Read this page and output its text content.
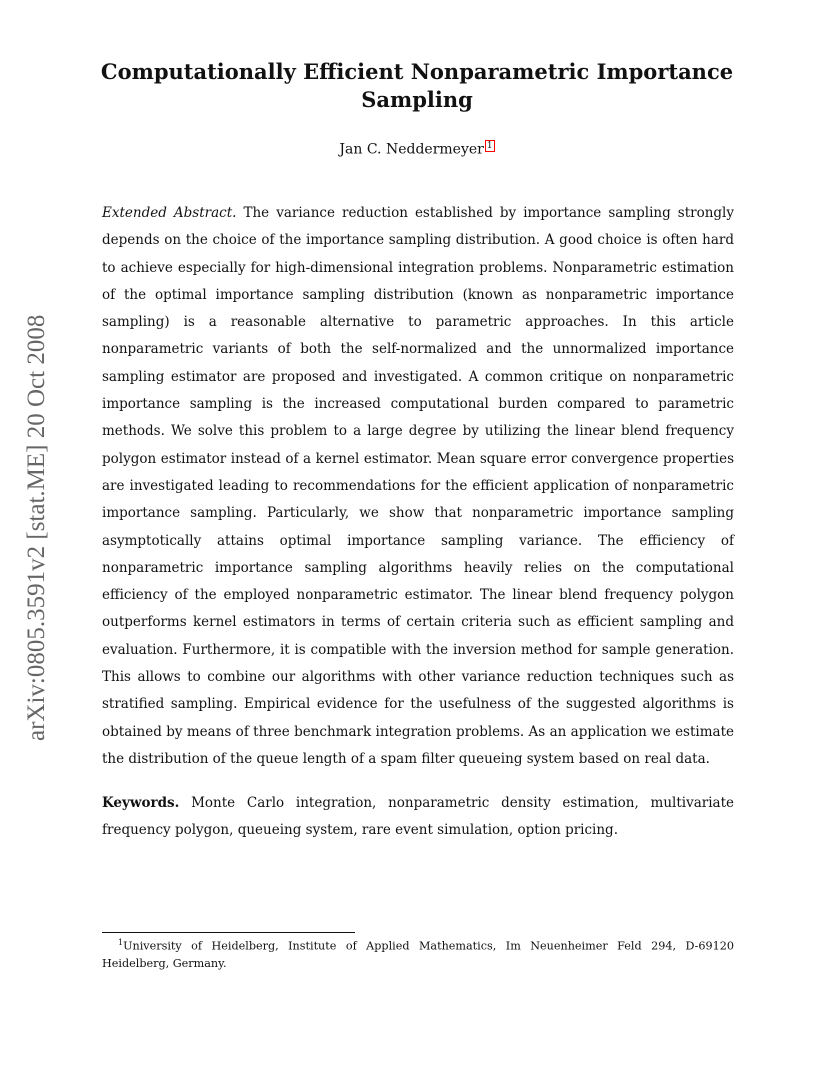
arXiv:0805.3591v2 [stat.ME] 20 Oct 2008
Computationally Efficient Nonparametric Importance Sampling
Jan C. Neddermeyer 1

Extended Abstract. The variance reduction established by importance sampling strongly depends on the choice of the importance sampling distribution. A good choice is often hard to achieve especially for high-dimensional integration problems. Nonparametric estimation of the optimal importance sampling distribution (known as nonparametric importance sampling) is a reasonable alternative to parametric approaches. In this article nonparametric variants of both the self-normalized and the unnormalized importance sampling estimator are proposed and investigated. A common critique on nonparametric importance sampling is the increased computational burden compared to parametric methods. We solve this problem to a large degree by utilizing the linear blend frequency polygon estimator instead of a kernel estimator. Mean square error convergence properties are investigated leading to recommendations for the efficient application of nonparametric importance sampling. Particularly, we show that nonparametric importance sampling asymptotically attains optimal importance sampling variance. The efficiency of nonparametric importance sampling algorithms heavily relies on the computational efficiency of the employed nonparametric estimator. The linear blend frequency polygon outperforms kernel estimators in terms of certain criteria such as efficient sampling and evaluation. Furthermore, it is compatible with the inversion method for sample generation. This allows to combine our algorithms with other variance reduction techniques such as stratified sampling. Empirical evidence for the usefulness of the suggested algorithms is obtained by means of three benchmark integration problems. As an application we estimate the distribution of the queue length of a spam filter queueing system based on real data.

Keywords. Monte Carlo integration, nonparametric density estimation, multivariate frequency polygon, queueing system, rare event simulation, option pricing.

$^1$University of Heidelberg, Institute of Applied Mathematics, Im Neuenheimer Feld 294, D-69120 Heidelberg, Germany.
